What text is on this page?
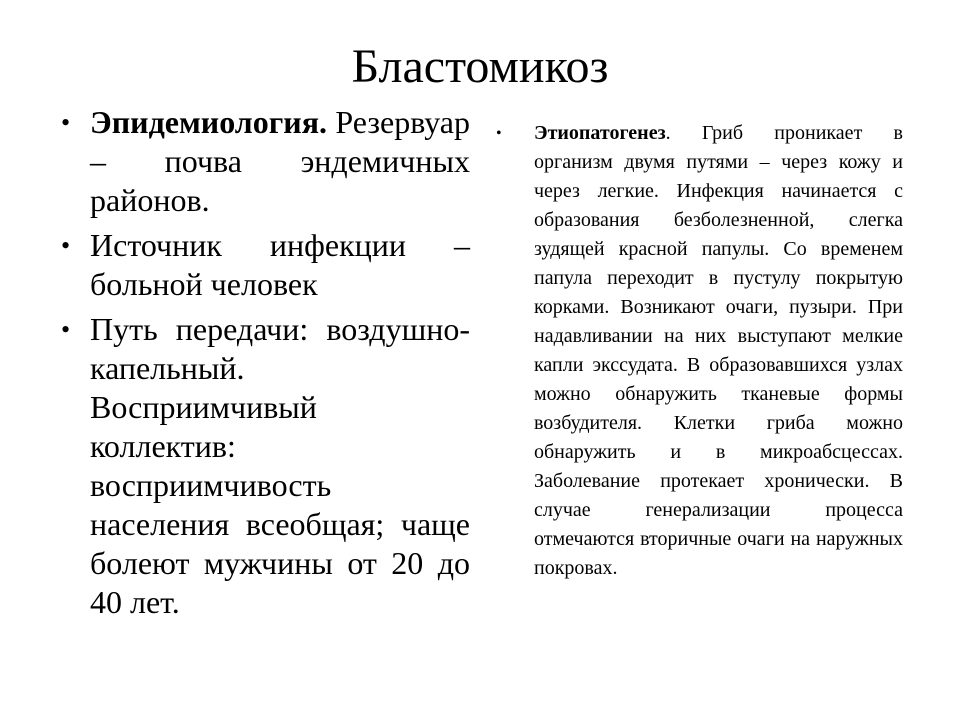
Бластомикоз
• Эпидемиология. Резервуар – почва эндемичных районов.
• Источник инфекции – больной человек
• Путь передачи: воздушно-капельный. Восприимчивый коллектив: восприимчивость населения всеобщая; чаще болеют мужчины от 20 до 40 лет.
• Этиопатогенез. Гриб проникает в организм двумя путями – через кожу и через легкие. Инфекция начинается с образования безболезненной, слегка зудящей красной папулы. Со временем папула переходит в пустулу покрытую корками. Возникают очаги, пузыри. При надавливании на них выступают мелкие капли экссудата. В образовавшихся узлах можно обнаружить тканевые формы возбудителя. Клетки гриба можно обнаружить и в микроабсцессах. Заболевание протекает хронически. В случае генерализации процесса отмечаются вторичные очаги на наружных покровах.
